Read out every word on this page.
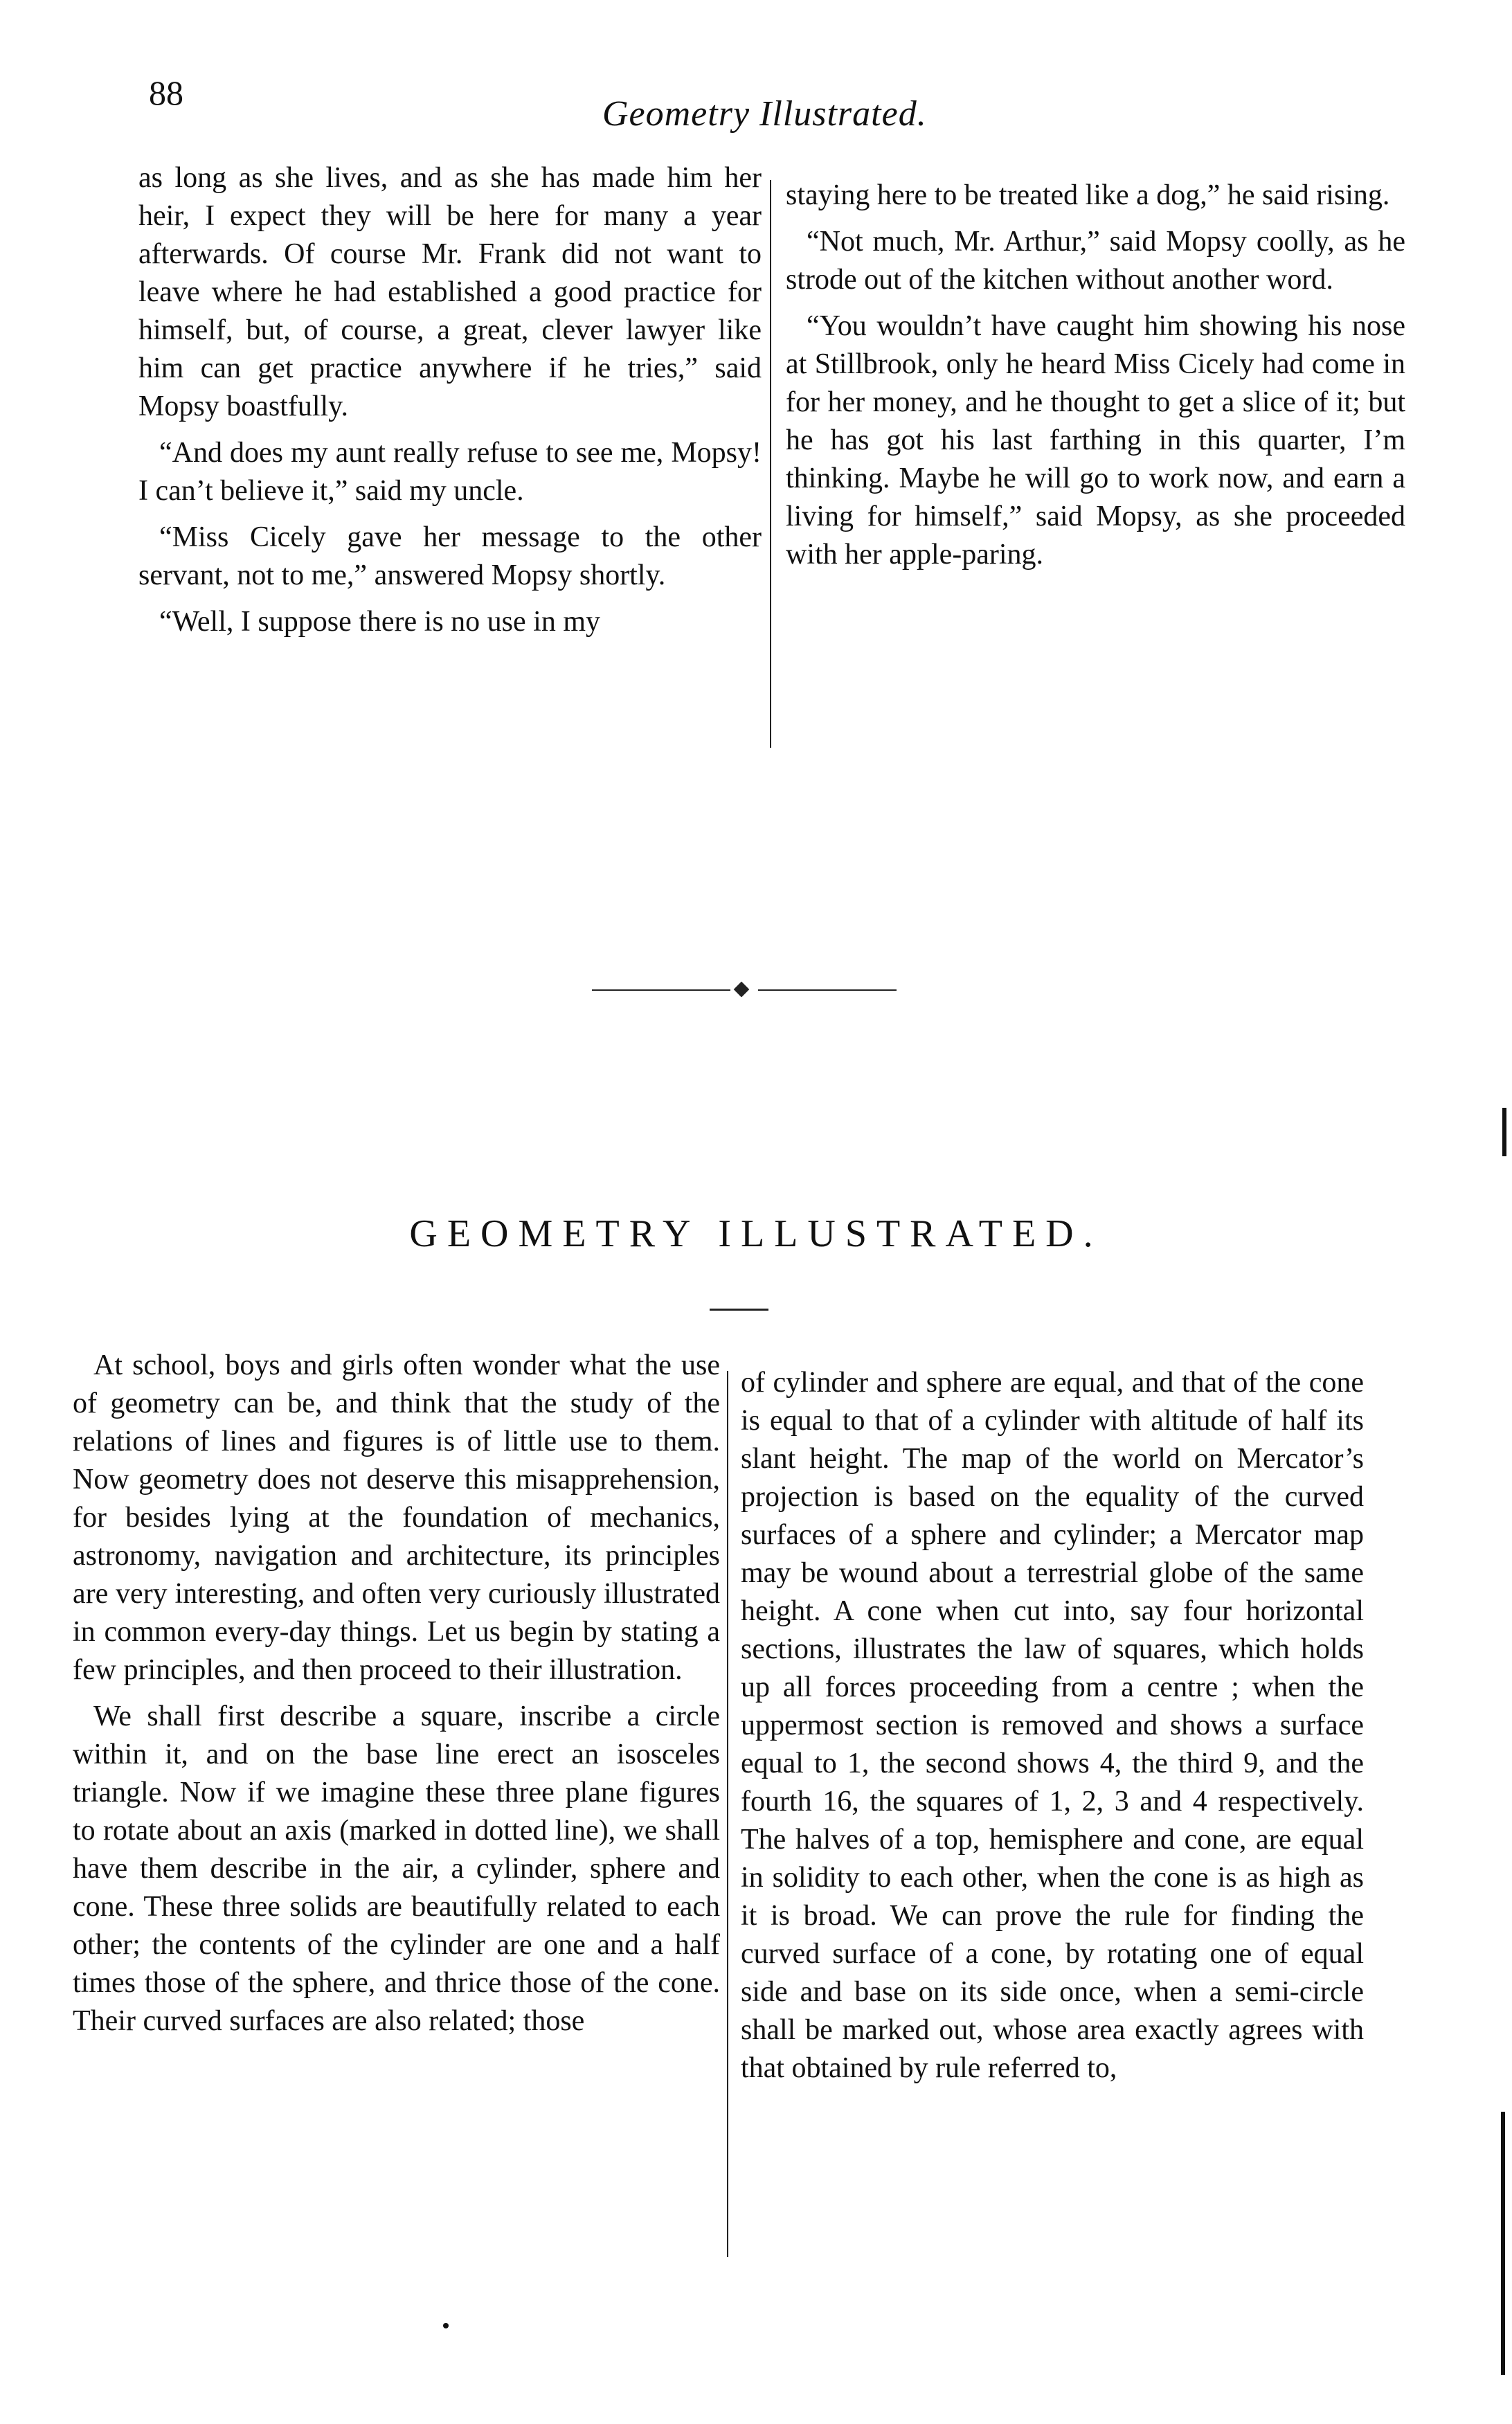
88
Geometry Illustrated.

as long as she lives, and as she has made him her heir, I expect they will be here for many a year afterwards. Of course Mr. Frank did not want to leave where he had established a good practice for himself, but, of course, a great, clever lawyer like him can get practice anywhere if he tries,” said Mopsy boastfully.

“And does my aunt really refuse to see me, Mopsy! I can’t believe it,” said my uncle.

“Miss Cicely gave her message to the other servant, not to me,” answered Mopsy shortly.

“Well, I suppose there is no use in my

staying here to be treated like a dog,” he said rising.

“Not much, Mr. Arthur,” said Mopsy coolly, as he strode out of the kitchen without another word.

“You wouldn’t have caught him showing his nose at Stillbrook, only he heard Miss Cicely had come in for her money, and he thought to get a slice of it; but he has got his last farthing in this quarter, I’m thinking. Maybe he will go to work now, and earn a living for himself,” said Mopsy, as she proceeded with her apple-paring.

GEOMETRY ILLUSTRATED.

At school, boys and girls often wonder what the use of geometry can be, and think that the study of the relations of lines and figures is of little use to them. Now geometry does not deserve this misapprehension, for besides lying at the foundation of mechanics, astronomy, navigation and architecture, its principles are very interesting, and often very curiously illustrated in common every-day things. Let us begin by stating a few principles, and then proceed to their illustration.

We shall first describe a square, inscribe a circle within it, and on the base line erect an isosceles triangle. Now if we imagine these three plane figures to rotate about an axis (marked in dotted line), we shall have them describe in the air, a cylinder, sphere and cone. These three solids are beautifully related to each other; the contents of the cylinder are one and a half times those of the sphere, and thrice those of the cone. Their curved surfaces are also related; those

of cylinder and sphere are equal, and that of the cone is equal to that of a cylinder with altitude of half its slant height. The map of the world on Mercator’s projection is based on the equality of the curved surfaces of a sphere and cylinder; a Mercator map may be wound about a terrestrial globe of the same height. A cone when cut into, say four horizontal sections, illustrates the law of squares, which holds up all forces proceeding from a centre ; when the uppermost section is removed and shows a surface equal to 1, the second shows 4, the third 9, and the fourth 16, the squares of 1, 2, 3 and 4 respectively. The halves of a top, hemisphere and cone, are equal in solidity to each other, when the cone is as high as it is broad. We can prove the rule for finding the curved surface of a cone, by rotating one of equal side and base on its side once, when a semi-circle shall be marked out, whose area exactly agrees with that obtained by rule referred to,
